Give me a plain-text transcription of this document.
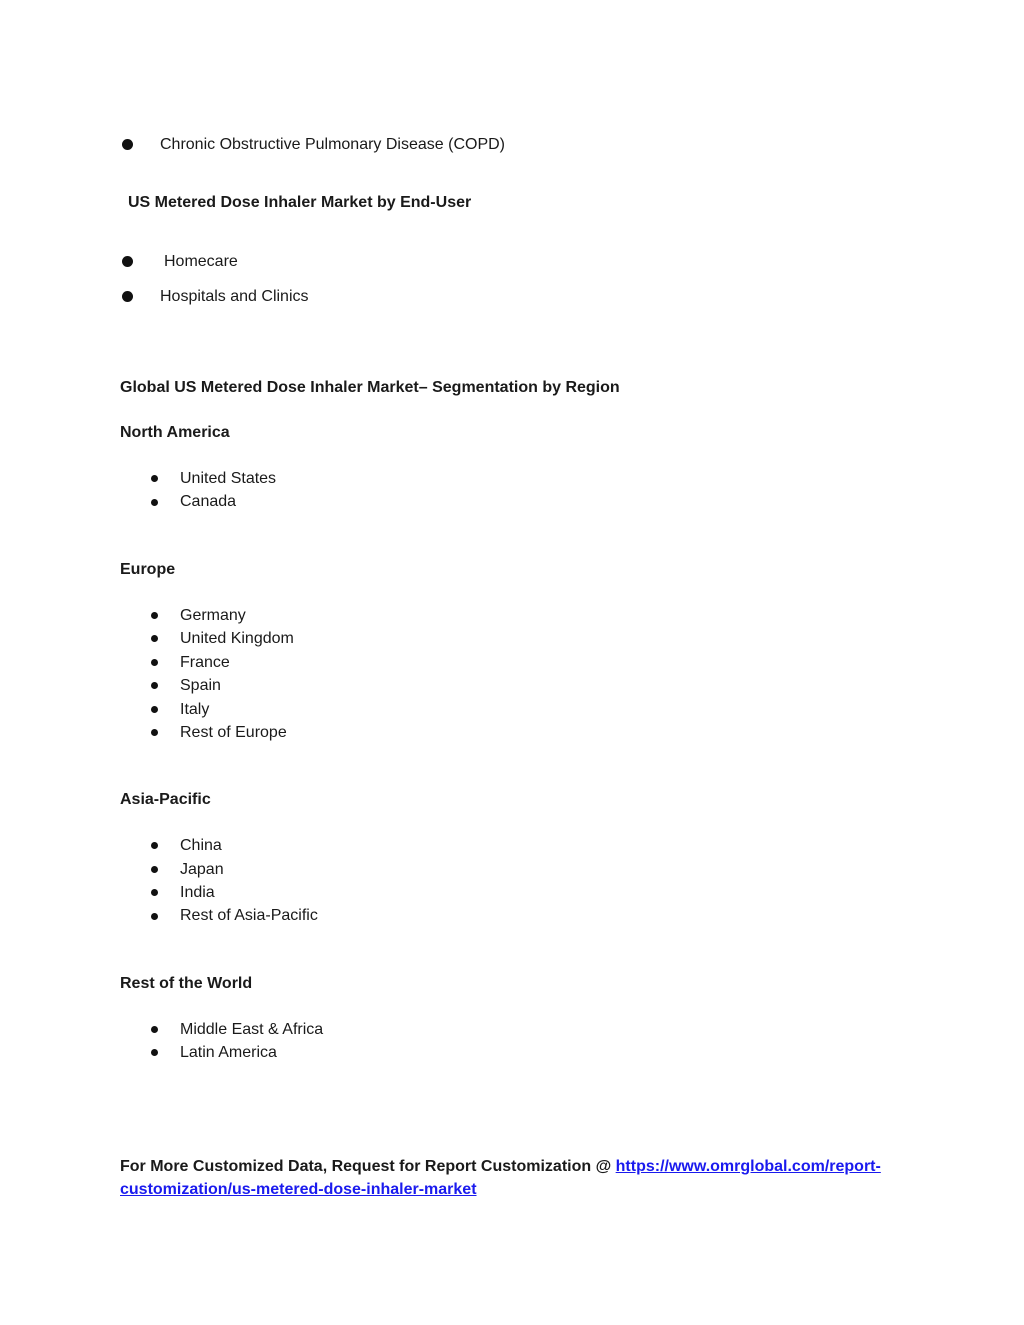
Chronic Obstructive Pulmonary Disease (COPD)
US Metered Dose Inhaler Market by End-User
Homecare
Hospitals and Clinics
Global US Metered Dose Inhaler Market– Segmentation by Region
North America
United States
Canada
Europe
Germany
United Kingdom
France
Spain
Italy
Rest of Europe
Asia-Pacific
China
Japan
India
Rest of Asia-Pacific
Rest of the World
Middle East & Africa
Latin America
For More Customized Data, Request for Report Customization @ https://www.omrglobal.com/report-customization/us-metered-dose-inhaler-market
